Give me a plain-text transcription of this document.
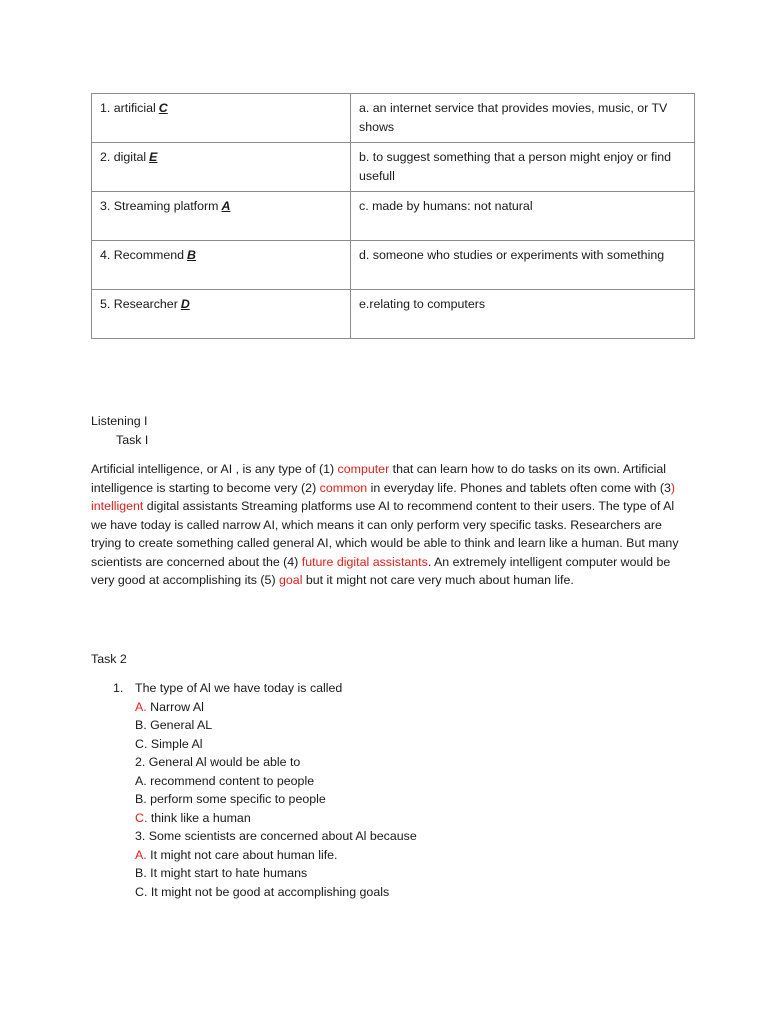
1. artificial C	a. an internet service that provides movies, music, or TV shows
2. digital E	b. to suggest something that a person might enjoy or find usefull
3. Streaming platform A	c. made by humans: not natural
4. Recommend B	d. someone who studies or experiments with something
5. Researcher D	e.relating to computers
Listening I
Task I
Artificial intelligence, or AI , is any type of (1) computer that can learn how to do tasks on its own. Artificial intelligence is starting to become very (2) common in everyday life. Phones and tablets often come with (3) intelligent digital assistants Streaming platforms use AI to recommend content to their users. The type of Al we have today is called narrow AI, which means it can only perform very specific tasks. Researchers are trying to create something called general AI, which would be able to think and learn like a human. But many scientists are concerned about the (4) future digital assistants. An extremely intelligent computer would be very good at accomplishing its (5) goal but it might not care very much about human life.
Task 2
1. The type of Al we have today is called
A. Narrow Al
B. General AL
C. Simple Al
2. General Al would be able to
A. recommend content to people
B. perform some specific to people
C. think like a human
3. Some scientists are concerned about Al because
A. It might not care about human life.
B. It might start to hate humans
C. It might not be good at accomplishing goals
